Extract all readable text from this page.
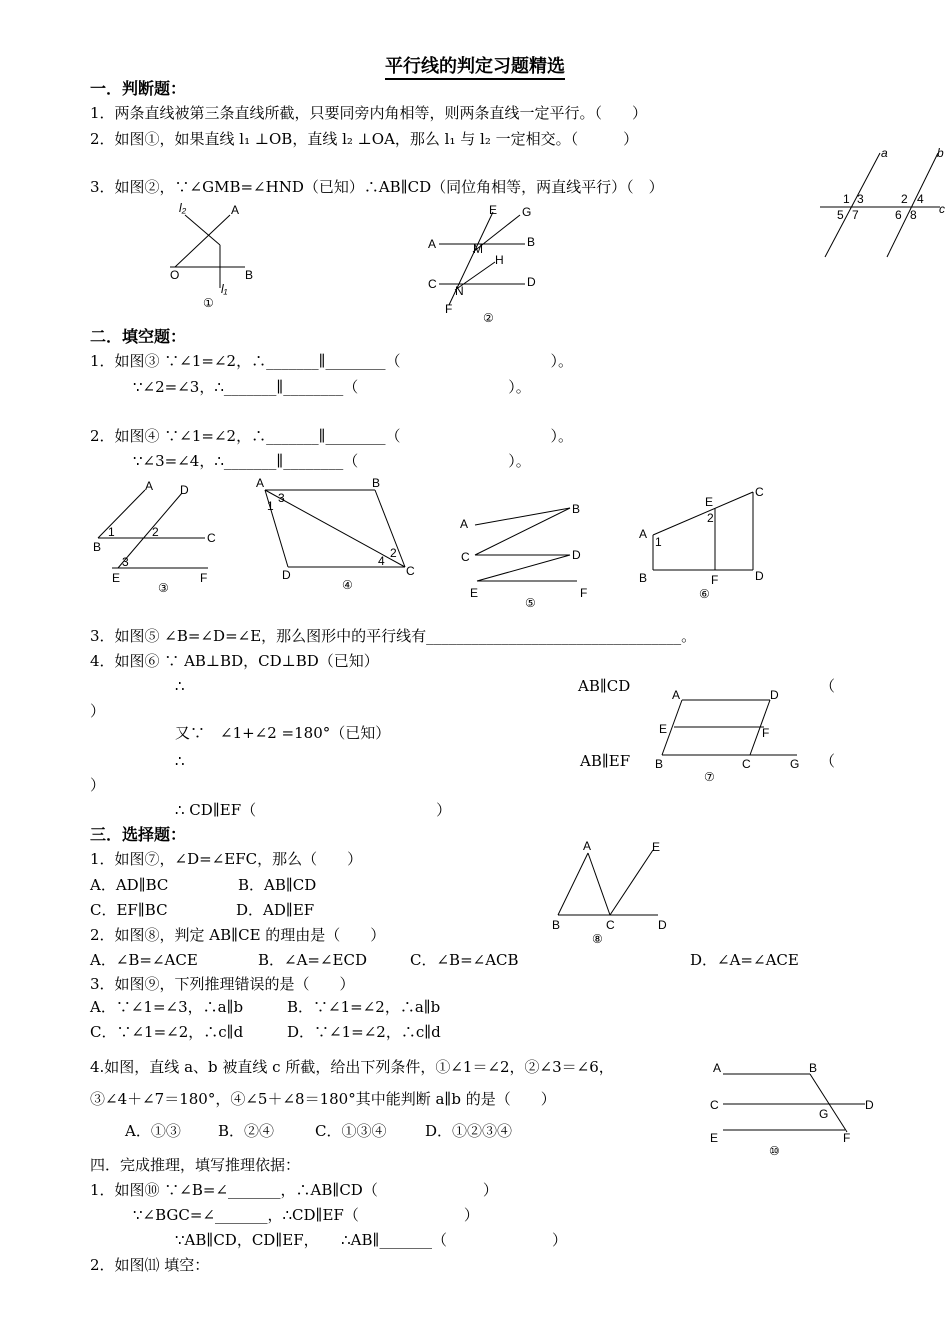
平行线的判定习题精选
一．判断题：
1．两条直线被第三条直线所截，只要同旁内角相等，则两条直线一定平行。（　　）
2．如图①，如果直线 l₁ ⊥OB，直线 l₂ ⊥OA，那么 l₁ 与 l₂ 一定相交。（　　　）
3．如图②，∵∠GMB=∠HND（已知）∴AB∥CD（同位角相等，两直线平行）（　）
a	b
c
1 3	2 4
5 7	6 8
l₂	A
O	B
l₁
①
E G
A	M	B
H
C N
D
F
②
二．填空题：
1．如图③ ∵∠1=∠2，∴_______∥________（　　　　　　　　　　）。
∵∠2=∠3，∴_______∥________（　　　　　　　　　　）。
2．如图④ ∵∠1=∠2，∴_______∥________（　　　　　　　　　　）。
∵∠3=∠4，∴_______∥________（　　　　　　　　　　）。
A D
1	2
B
C
3
E	F
③
A	B
3
1
2
4
D	C
④
A
B
C	D
E	F
⑤
E
C
2
A
1
B	F	D
⑥
3．如图⑤ ∠B=∠D=∠E，那么图形中的平行线有__________________________________。
4．如图⑥ ∵ AB⊥BD，CD⊥BD（已知）
∴	AB∥CD	（
）
又∵　∠1+∠2 =180°（已知）
∴	AB∥EF	（
）
∴ CD∥EF（　　　　　　　　　　　　）
A	D
E	F
B	C	G
⑦
三．选择题：
1．如图⑦，∠D=∠EFC，那么（　　）
A．AD∥BC	B．AB∥CD
C．EF∥BC	D．AD∥EF
2．如图⑧，判定 AB∥CE 的理由是（　　）
A．∠B=∠ACE	B．∠A=∠ECD	C．∠B=∠ACB	D．∠A=∠ACE
3．如图⑨，下列推理错误的是（　　）
A．∵∠1=∠3，∴a∥b	B．∵∠1=∠2，∴a∥b
C．∵∠1=∠2，∴c∥d	D．∵∠1=∠2，∴c∥d
A	E
B	C	D
⑧
4.如图，直线 a、b 被直线 c 所截，给出下列条件，①∠1＝∠2，②∠3＝∠6，
③∠4＋∠7＝180°，④∠5＋∠8＝180°其中能判断 a∥b 的是（　　）
A．①③ B．②④	C．①③④	D．①②③④
A	B
C
G
D
E	F
⑩
四．完成推理，填写推理依据：
1．如图⑩ ∵∠B=∠_______，∴AB∥CD（　　　　　　　）
∵∠BGC=∠_______，∴CD∥EF（　　　　　　　）
∵AB∥CD，CD∥EF，　　∴AB∥_______（　　　　　　　）
2．如图⑾ 填空：
